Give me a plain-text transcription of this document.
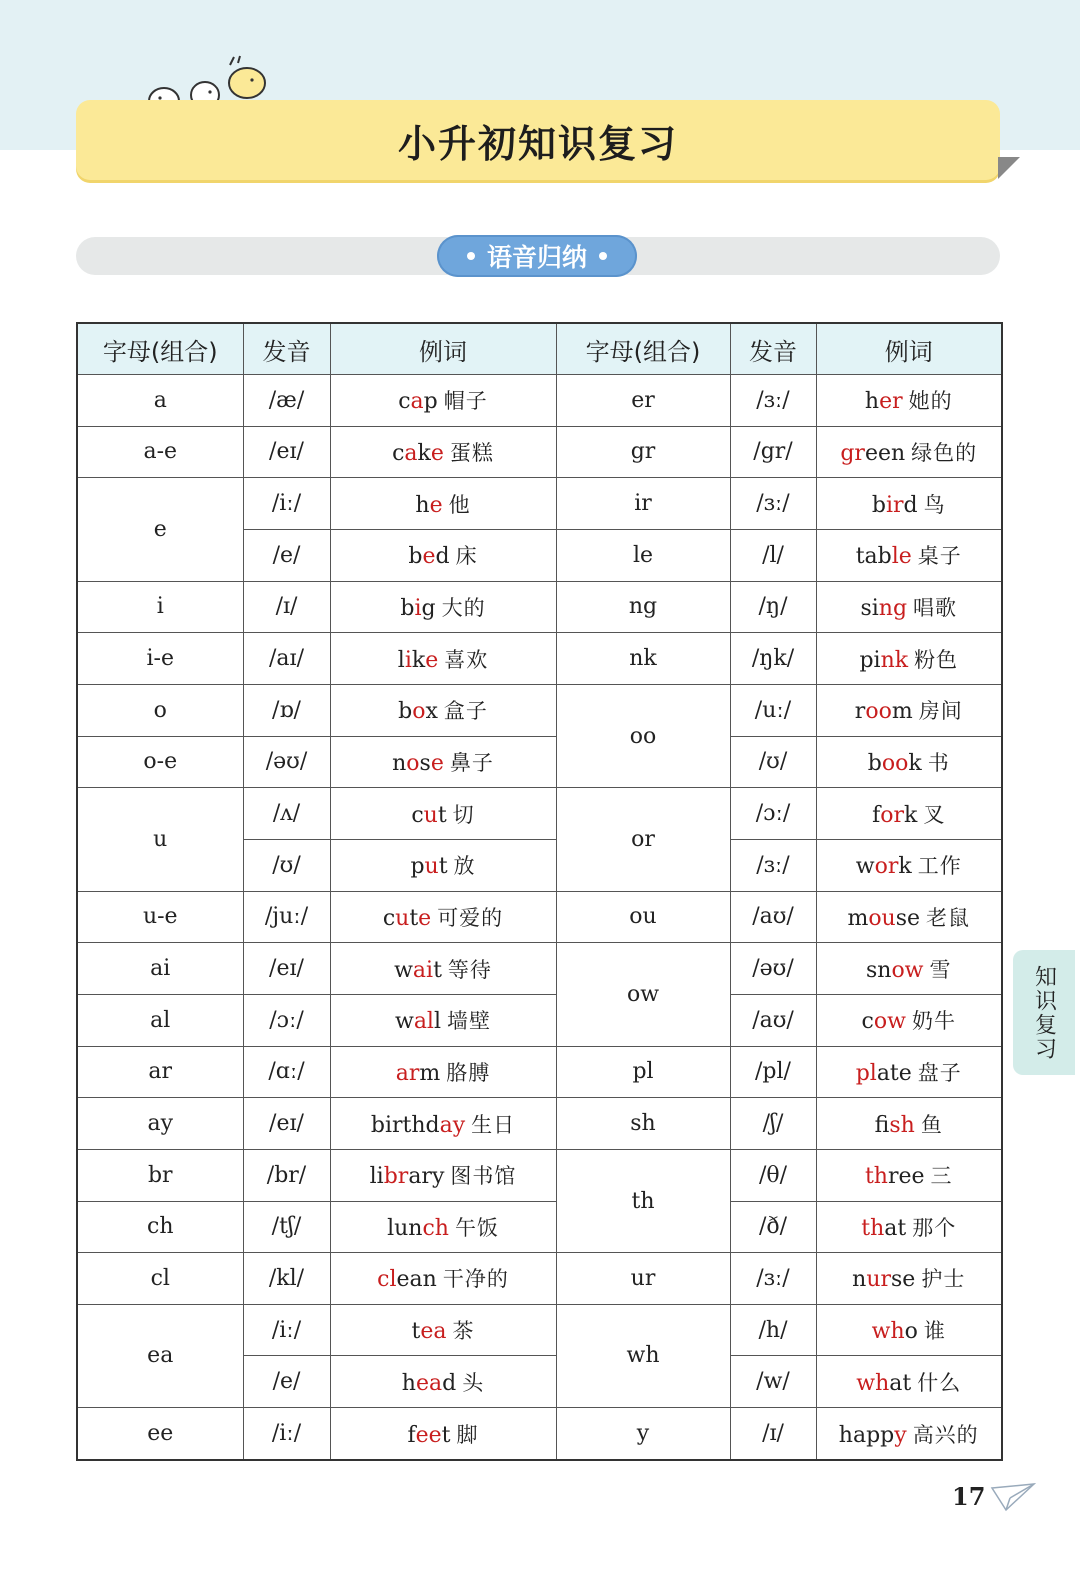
小升初知识复习
语音归纳
字母(组合)	发音	例词	字母(组合)	发音	例词
a	/æ/	cap 帽子	er	/ɜː/	her 她的
a-e	/eɪ/	cake 蛋糕	gr	/gr/	green 绿色的
e	/iː/	he 他	ir	/ɜː/	bird 鸟
	/e/	bed 床	le	/l/	table 桌子
i	/ɪ/	big 大的	ng	/ŋ/	sing 唱歌
i-e	/aɪ/	like 喜欢	nk	/ŋk/	pink 粉色
o	/ɒ/	box 盒子	oo	/uː/	room 房间
o-e	/əʊ/	nose 鼻子		/ʊ/	book 书
u	/ʌ/	cut 切	or	/ɔː/	fork 叉
	/ʊ/	put 放		/ɜː/	work 工作
u-e	/juː/	cute 可爱的	ou	/aʊ/	mouse 老鼠
ai	/eɪ/	wait 等待	ow	/əʊ/	snow 雪
al	/ɔː/	wall 墙壁		/aʊ/	cow 奶牛
ar	/ɑː/	arm 胳膊	pl	/pl/	plate 盘子
ay	/eɪ/	birthday 生日	sh	/ʃ/	fish 鱼
br	/br/	library 图书馆	th	/θ/	three 三
ch	/tʃ/	lunch 午饭		/ð/	that 那个
cl	/kl/	clean 干净的	ur	/ɜː/	nurse 护士
ea	/iː/	tea 茶	wh	/h/	who 谁
	/e/	head 头		/w/	what 什么
ee	/iː/	feet 脚	y	/ɪ/	happy 高兴的
知识复习
17
